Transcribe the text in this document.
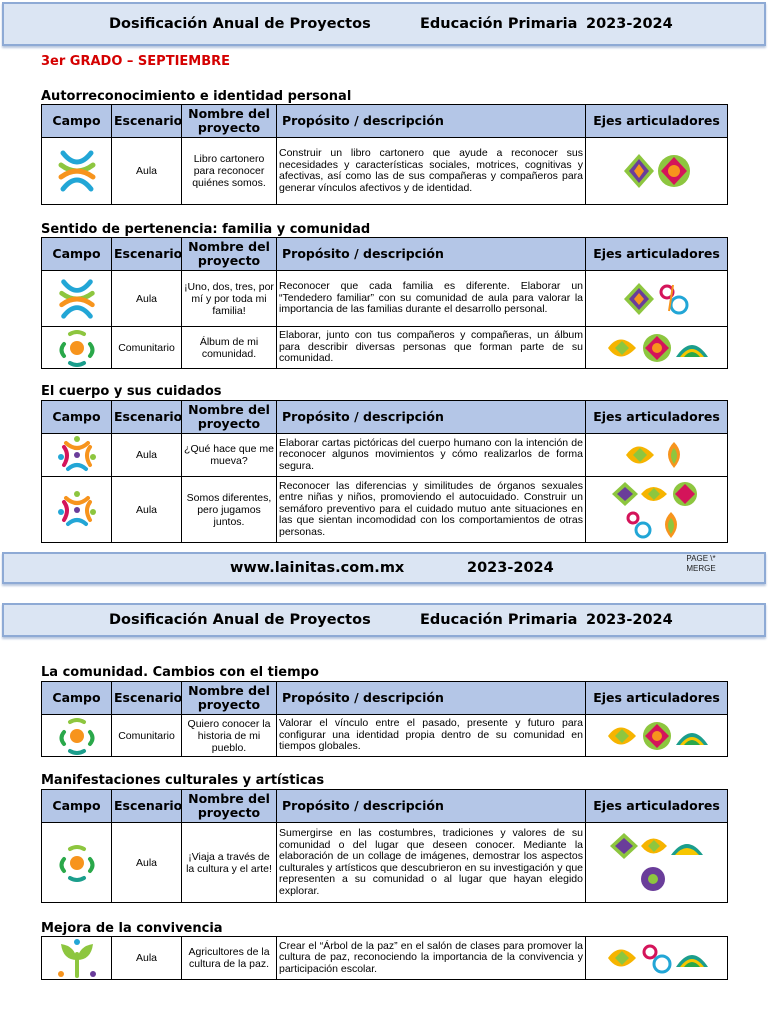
Dosificación Anual de Proyectos	Educación Primaria 2023-2024
3er GRADO – SEPTIEMBRE
Autorreconocimiento e identidad personal
Campo	Escenario	Nombre del proyecto	Propósito / descripción	Ejes articuladores

	Aula	Libro cartonero para reconocer quiénes somos.	Construir un libro cartonero que ayude a reconocer sus necesidades y características sociales, motrices, cognitivas y afectivas, así como las de sus compañeras y compañeros para generar vínculos afectivos y de identidad.	
Sentido de pertenencia: familia y comunidad
Campo	Escenario	Nombre del proyecto	Propósito / descripción	Ejes articuladores

	Aula	¡Uno, dos, tres, por mí y por toda mi familia!	Reconocer que cada familia es diferente. Elaborar un “Tendedero familiar” con su comunidad de aula para valorar la importancia de las familias durante el desarrollo personal.	

	Comunitario	Álbum de mi comunidad.	Elaborar, junto con tus compañeros y compañeras, un álbum para describir diversas personas que forman parte de su comunidad.	
El cuerpo y sus cuidados
Campo	Escenario	Nombre del proyecto	Propósito / descripción	Ejes articuladores

	Aula	¿Qué hace que me mueva?	Elaborar cartas pictóricas del cuerpo humano con la intención de reconocer algunos movimientos y cómo realizarlos de forma segura.	

	Aula	Somos diferentes, pero jugamos juntos.	Reconocer las diferencias y similitudes de órganos sexuales entre niñas y niños, promoviendo el autocuidado. Construir un semáforo preventivo para el cuidado mutuo ante situaciones en las que sientan incomodidad con los comportamientos de otras personas.	
www.lainitas.com.mx	2023-2024
PAGE \* MERGE
Dosificación Anual de Proyectos	Educación Primaria 2023-2024
La comunidad. Cambios con el tiempo
Campo	Escenario	Nombre del proyecto	Propósito / descripción	Ejes articuladores

	Comunitario	Quiero conocer la historia de mi pueblo.	Valorar el vínculo entre el pasado, presente y futuro para configurar una identidad propia dentro de su comunidad en tiempos globales.	
Manifestaciones culturales y artísticas
Campo	Escenario	Nombre del proyecto	Propósito / descripción	Ejes articuladores

	Aula	¡Viaja a través de la cultura y el arte!	Sumergirse en las costumbres, tradiciones y valores de su comunidad o del lugar que deseen conocer. Mediante la elaboración de un collage de imágenes, demostrar los aspectos culturales y artísticos que descubrieron en su investigación y que representen a su comunidad o al lugar que hayan elegido explorar.	
Mejora de la convivencia
	Aula	Agricultores de la cultura de la paz.	Crear el “Árbol de la paz” en el salón de clases para promover la cultura de paz, reconociendo la importancia de la convivencia y participación escolar.	
